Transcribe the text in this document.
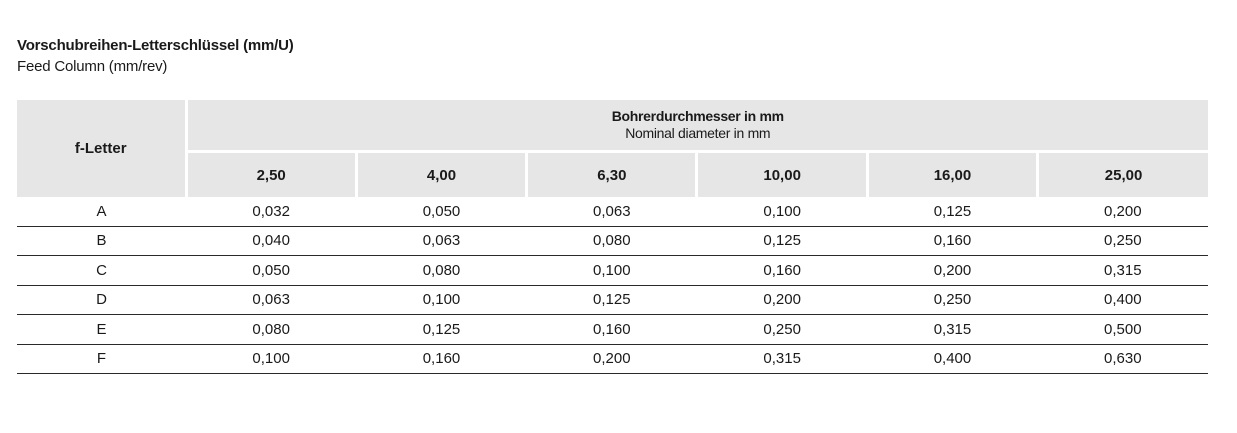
Vorschubreihen-Letterschlüssel (mm/U)
Feed Column (mm/rev)
f-Letter	Bohrerdurchmesser in mm
Nominal diameter in mm					

	2,50	4,00	6,30	10,00	16,00	25,00
A	0,032	0,050	0,063	0,100	0,125	0,200
B	0,040	0,063	0,080	0,125	0,160	0,250
C	0,050	0,080	0,100	0,160	0,200	0,315
D	0,063	0,100	0,125	0,200	0,250	0,400
E	0,080	0,125	0,160	0,250	0,315	0,500
F	0,100	0,160	0,200	0,315	0,400	0,630
